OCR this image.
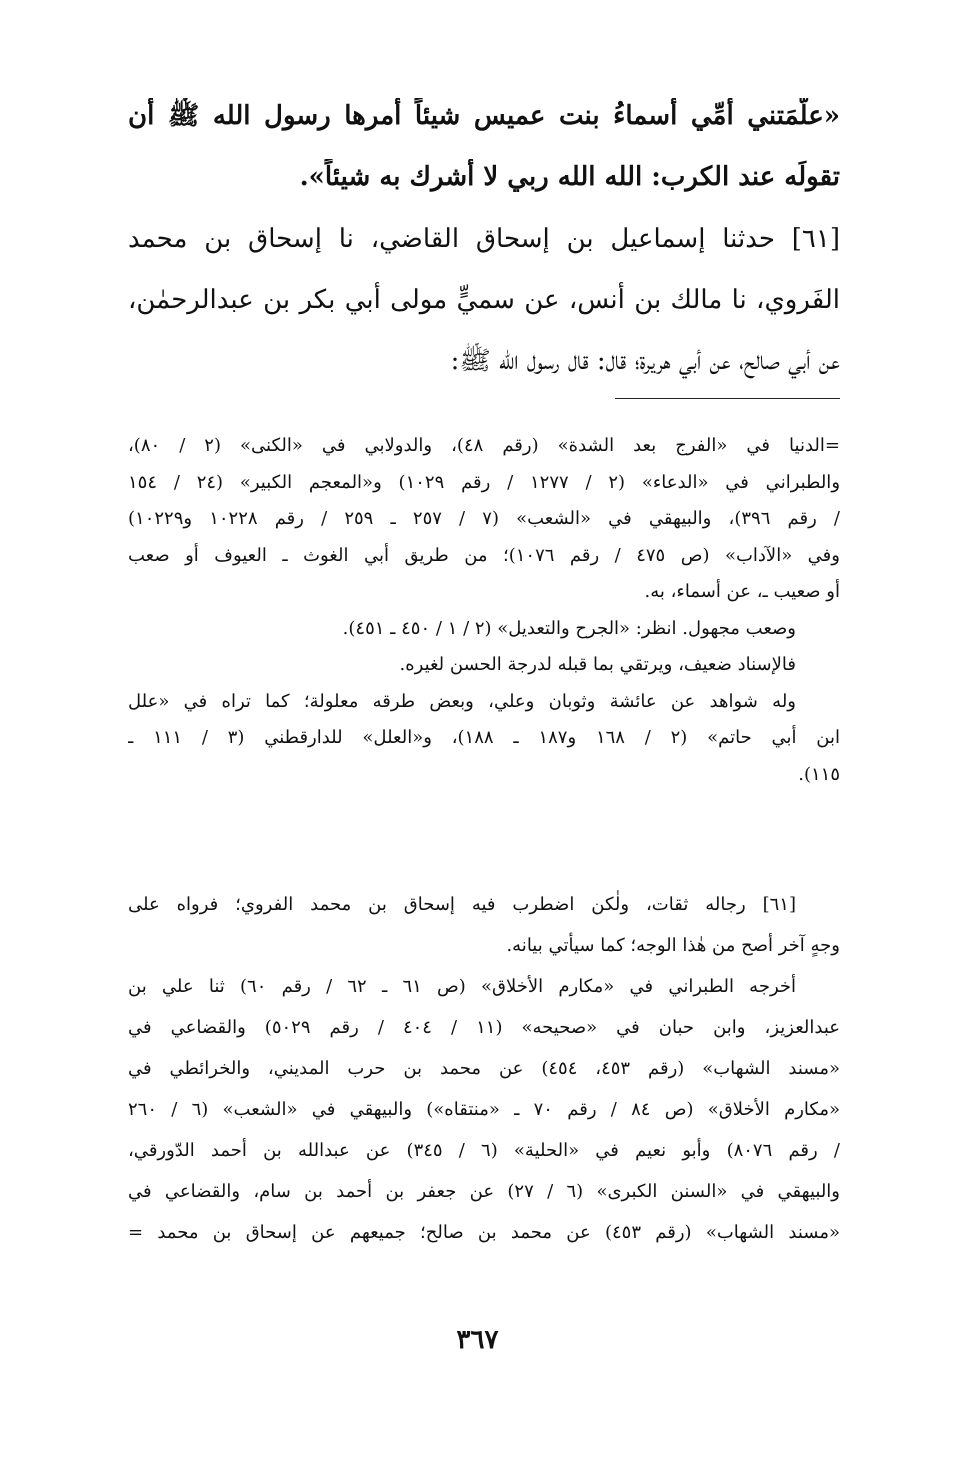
«علَّمَتني أمِّي أسماءُ بنت عميس شيئاً أمرها رسول الله ﷺ أن
تقولَه عند الكرب: الله الله ربي لا أشرك به شيئاً».
[٦١] حدثنا إسماعيل بن إسحاق القاضي، نا إسحاق بن محمد
الفَروي، نا مالك بن أنس، عن سميٍّ مولى أبي بكر بن عبدالرحمٰن،
عن أبي صالح، عن أبي هريرة؛ قال: قال رسول الله ﷺ:
=الدنيا في «الفرج بعد الشدة» (رقم ٤٨)، والدولابي في «الكنى» (٢ / ٨٠)،
والطبراني في «الدعاء» (٢ / ١٢٧٧ / رقم ١٠٢٩) و«المعجم الكبير» (٢٤ / ١٥٤
/ رقم ٣٩٦)، والبيهقي في «الشعب» (٧ / ٢٥٧ ـ ٢٥٩ / رقم ١٠٢٢٨ و١٠٢٢٩)
وفي «الآداب» (ص ٤٧٥ / رقم ١٠٧٦)؛ من طريق أبي الغوث ـ العيوف أو صعب
أو صعيب ـ، عن أسماء، به.
وصعب مجهول. انظر: «الجرح والتعديل» (٢ / ١ / ٤٥٠ ـ ٤٥١).
فالإسناد ضعيف، ويرتقي بما قبله لدرجة الحسن لغيره.
وله شواهد عن عائشة وثوبان وعلي، وبعض طرقه معلولة؛ كما تراه في «علل
ابن أبي حاتم» (٢ / ١٦٨ و١٨٧ ـ ١٨٨)، و«العلل» للدارقطني (٣ / ١١١ ـ
١١٥).
[٦١] رجاله ثقات، ولٰكن اضطرب فيه إسحاق بن محمد الفروي؛ فرواه على
وجهٍ آخر أصح من هٰذا الوجه؛ كما سيأتي بيانه.
أخرجه الطبراني في «مكارم الأخلاق» (ص ٦١ ـ ٦٢ / رقم ٦٠) ثنا علي بن
عبدالعزيز، وابن حبان في «صحيحه» (١١ / ٤٠٤ / رقم ٥٠٢٩) والقضاعي في
«مسند الشهاب» (رقم ٤٥٣، ٤٥٤) عن محمد بن حرب المديني، والخرائطي في
«مكارم الأخلاق» (ص ٨٤ / رقم ٧٠ ـ «منتقاه») والبيهقي في «الشعب» (٦ / ٢٦٠
/ رقم ٨٠٧٦) وأبو نعيم في «الحلية» (٦ / ٣٤٥) عن عبدالله بن أحمد الدّورقي،
والبيهقي في «السنن الكبرى» (٦ / ٢٧) عن جعفر بن أحمد بن سام، والقضاعي في
«مسند الشهاب» (رقم ٤٥٣) عن محمد بن صالح؛ جميعهم عن إسحاق بن محمد =
٣٦٧
